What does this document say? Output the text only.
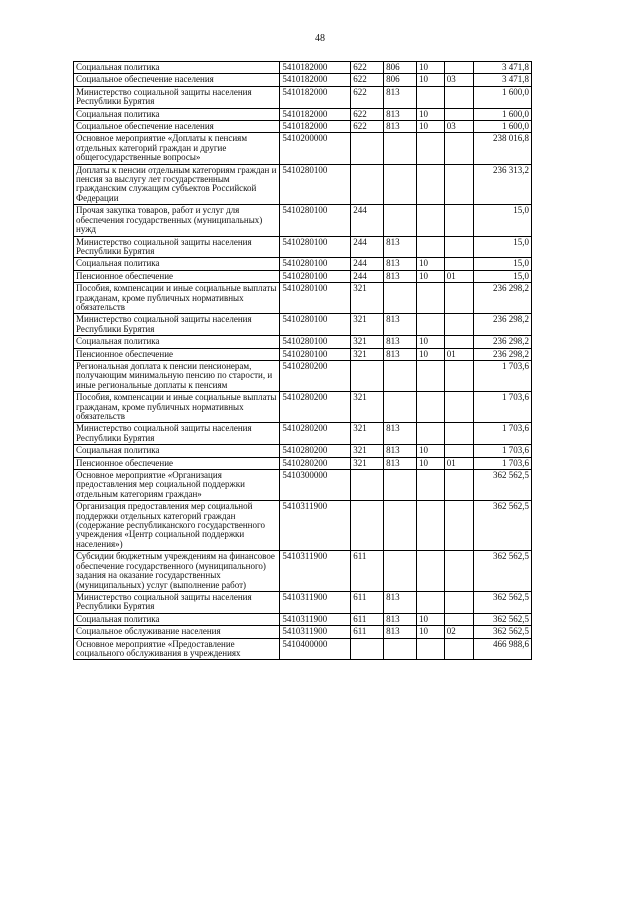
48
Социальная политика	5410182000	622	806	10		3 471,8
Социальное обеспечение населения	5410182000	622	806	10	03	3 471,8
Министерство социальной защиты населения Республики Бурятия	5410182000	622	813			1 600,0
Социальная политика	5410182000	622	813	10		1 600,0
Социальное обеспечение населения	5410182000	622	813	10	03	1 600,0
Основное мероприятие «Доплаты к пенсиям отдельных категорий граждан и другие общегосударственные вопросы»	5410200000					238 016,8
Доплаты к пенсии отдельным категориям граждан и пенсия за выслугу лет государственным гражданским служащим субъектов Российской Федерации	5410280100					236 313,2
Прочая закупка товаров, работ и услуг для обеспечения государственных (муниципальных) нужд	5410280100	244				15,0
Министерство социальной защиты населения Республики Бурятия	5410280100	244	813			15,0
Социальная политика	5410280100	244	813	10		15,0
Пенсионное обеспечение	5410280100	244	813	10	01	15,0
Пособия, компенсации и иные социальные выплаты гражданам, кроме публичных нормативных обязательств	5410280100	321				236 298,2
Министерство социальной защиты населения Республики Бурятия	5410280100	321	813			236 298,2
Социальная политика	5410280100	321	813	10		236 298,2
Пенсионное обеспечение	5410280100	321	813	10	01	236 298,2
Региональная доплата к пенсии пенсионерам, получающим минимальную пенсию по старости, и иные региональные доплаты к пенсиям	5410280200					1 703,6
Пособия, компенсации и иные социальные выплаты гражданам, кроме публичных нормативных обязательств	5410280200	321				1 703,6
Министерство социальной защиты населения Республики Бурятия	5410280200	321	813			1 703,6
Социальная политика	5410280200	321	813	10		1 703,6
Пенсионное обеспечение	5410280200	321	813	10	01	1 703,6
Основное мероприятие «Организация предоставления мер социальной поддержки отдельным категориям граждан»	5410300000					362 562,5
Организация предоставления мер социальной поддержки отдельных категорий граждан (содержание республиканского государственного учреждения «Центр социальной поддержки населения»)	5410311900					362 562,5
Субсидии бюджетным учреждениям на финансовое обеспечение государственного (муниципального) задания на оказание государственных (муниципальных) услуг (выполнение работ)	5410311900	611				362 562,5
Министерство социальной защиты населения Республики Бурятия	5410311900	611	813			362 562,5
Социальная политика	5410311900	611	813	10		362 562,5
Социальное обслуживание населения	5410311900	611	813	10	02	362 562,5
Основное мероприятие «Предоставление социального обслуживания в учреждениях	5410400000					466 988,6
